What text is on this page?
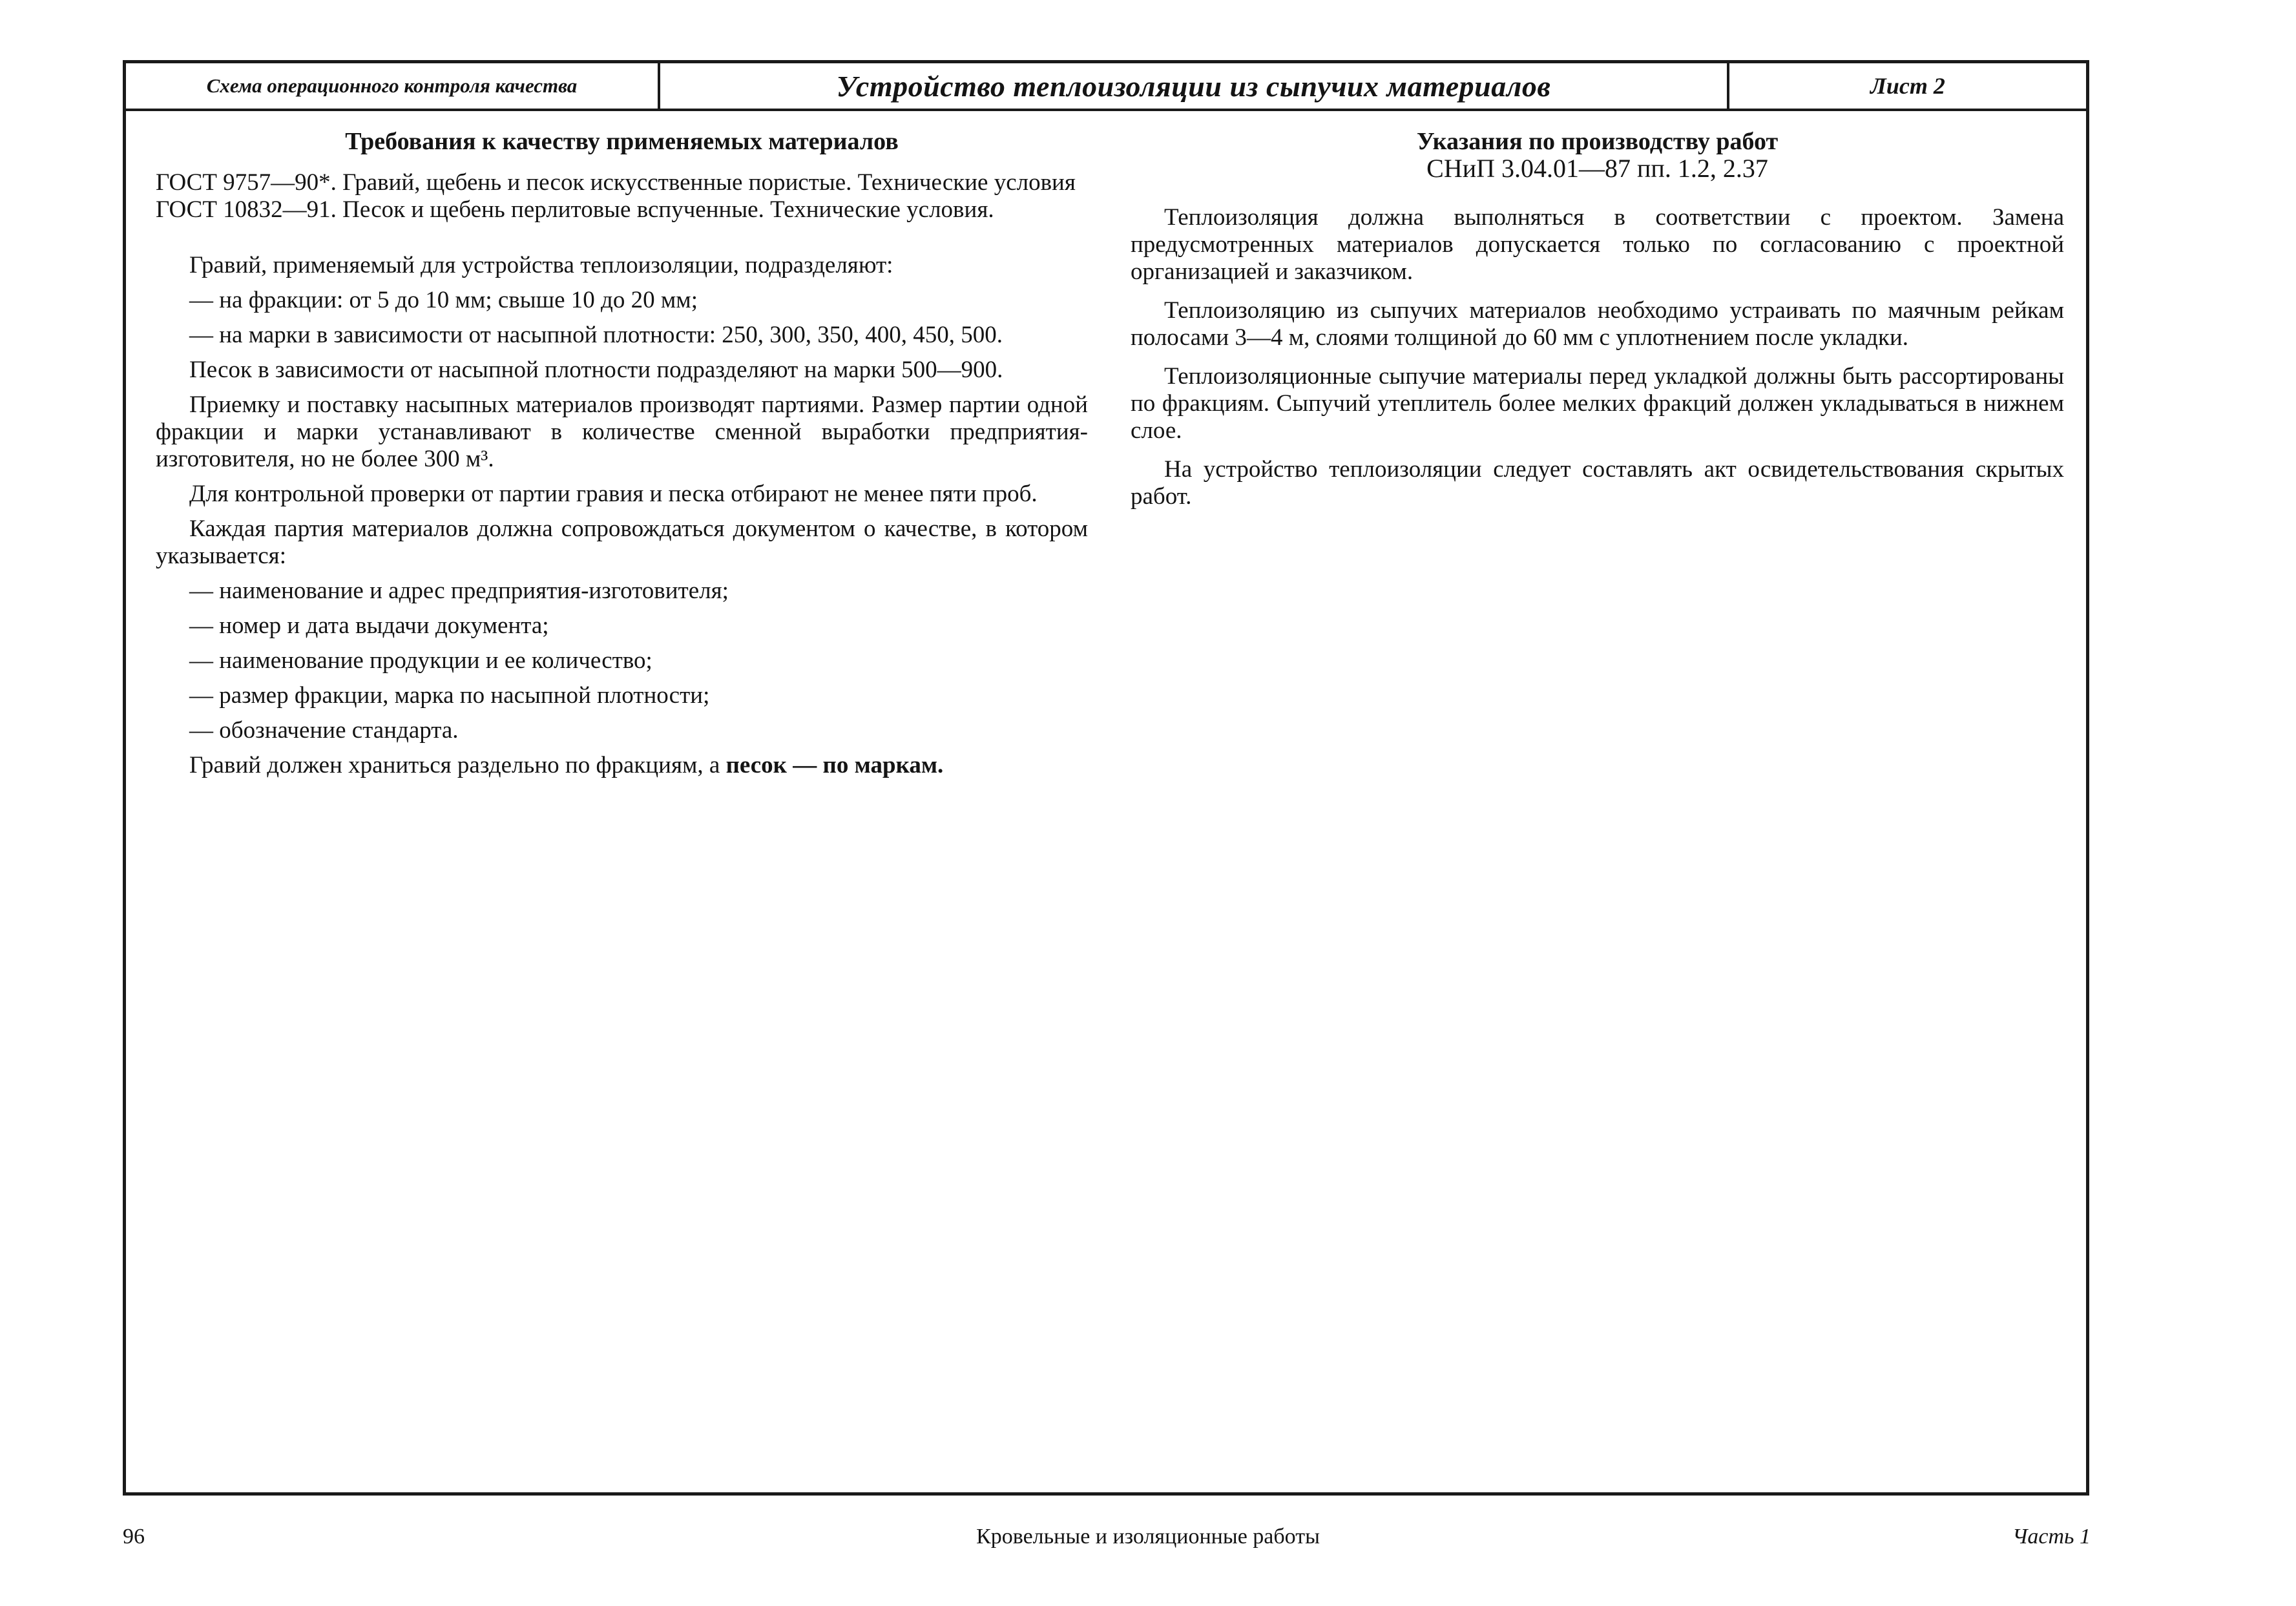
Схема операционного контроля качества	Устройство теплоизоляции из сыпучих материалов	Лист 2

Требования к качеству применяемых материалов

ГОСТ 9757—90*. Гравий, щебень и песок искусственные пористые. Технические условия

ГОСТ 10832—91. Песок и щебень перлитовые вспученные. Технические условия.

Гравий, применяемый для устройства теплоизоляции, подразделяют:

— на фракции: от 5 до 10 мм; свыше 10 до 20 мм;

— на марки в зависимости от насыпной плотности: 250, 300, 350, 400, 450, 500.

Песок в зависимости от насыпной плотности подразделяют на марки 500—900.

Приемку и поставку насыпных материалов производят партиями. Размер партии одной фракции и марки устанавливают в количестве сменной выработки предприятия-изготовителя, но не более 300 м³.

Для контрольной проверки от партии гравия и песка отбирают не менее пяти проб.

Каждая партия материалов должна сопровождаться документом о качестве, в котором указывается:

— наименование и адрес предприятия-изготовителя;

— номер и дата выдачи документа;

— наименование продукции и ее количество;

— размер фракции, марка по насыпной плотности;

— обозначение стандарта.

Гравий должен храниться раздельно по фракциям, а песок — по маркам.

Указания по производству работ

СНиП 3.04.01—87 пп. 1.2, 2.37

Теплоизоляция должна выполняться в соответствии с проектом. Замена предусмотренных материалов допускается только по согласованию с проектной организацией и заказчиком.

Теплоизоляцию из сыпучих материалов необходимо устраивать по маячным рейкам полосами 3—4 м, слоями толщиной до 60 мм с уплотнением после укладки.

Теплоизоляционные сыпучие материалы перед укладкой должны быть рассортированы по фракциям. Сыпучий утеплитель более мелких фракций должен укладываться в нижнем слое.

На устройство теплоизоляции следует составлять акт освидетельствования скрытых работ.

96	Кровельные и изоляционные работы	Часть 1
